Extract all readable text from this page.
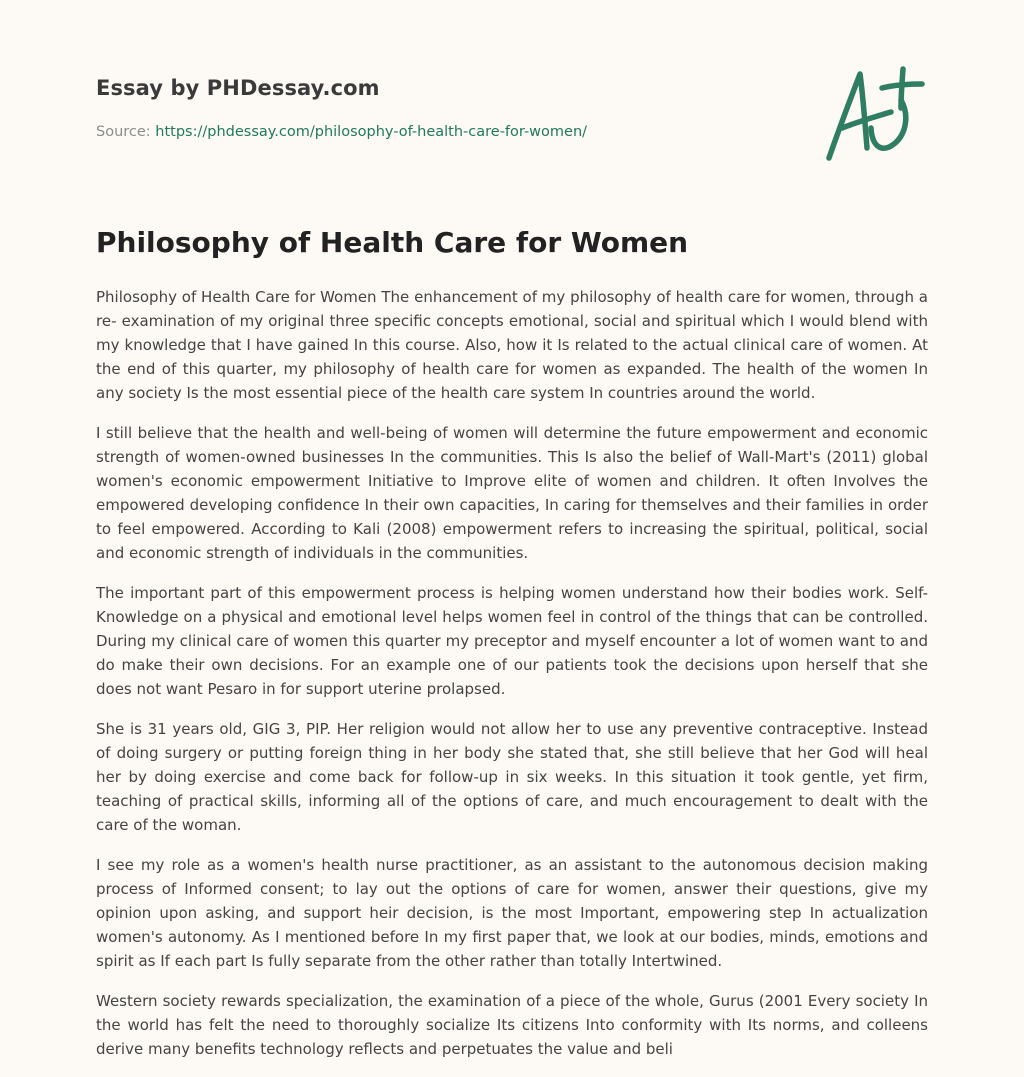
Essay by PHDessay.com
Source: https://phdessay.com/philosophy-of-health-care-for-women/
Philosophy of Health Care for Women

Philosophy of Health Care for Women The enhancement of my philosophy of health care for women, through a re- examination of my original three specific concepts emotional, social and spiritual which I would blend with my knowledge that I have gained In this course. Also, how it Is related to the actual clinical care of women. At the end of this quarter, my philosophy of health care for women as expanded. The health of the women In any society Is the most essential piece of the health care system In countries around the world.

I still believe that the health and well-being of women will determine the future empowerment and economic strength of women-owned businesses In the communities. This Is also the belief of Wall-Mart's (2011) global women's economic empowerment Initiative to Improve elite of women and children. It often Involves the empowered developing confidence In their own capacities, In caring for themselves and their families in order to feel empowered. According to Kali (2008) empowerment refers to increasing the spiritual, political, social and economic strength of individuals in the communities.

The important part of this empowerment process is helping women understand how their bodies work. Self-Knowledge on a physical and emotional level helps women feel in control of the things that can be controlled. During my clinical care of women this quarter my preceptor and myself encounter a lot of women want to and do make their own decisions. For an example one of our patients took the decisions upon herself that she does not want Pesaro in for support uterine prolapsed.

She is 31 years old, GIG 3, PIP. Her religion would not allow her to use any preventive contraceptive. Instead of doing surgery or putting foreign thing in her body she stated that, she still believe that her God will heal her by doing exercise and come back for follow-up in six weeks. In this situation it took gentle, yet firm, teaching of practical skills, informing all of the options of care, and much encouragement to dealt with the care of the woman.

I see my role as a women's health nurse practitioner, as an assistant to the autonomous decision making process of Informed consent; to lay out the options of care for women, answer their questions, give my opinion upon asking, and support heir decision, is the most Important, empowering step In actualization women's autonomy. As I mentioned before In my first paper that, we look at our bodies, minds, emotions and spirit as If each part Is fully separate from the other rather than totally Intertwined.

Western society rewards specialization, the examination of a piece of the whole, Gurus (2001 Every society In the world has felt the need to thoroughly socialize Its citizens Into conformity with Its norms, and colleens derive many benefits technology reflects and perpetuates the value and beli
